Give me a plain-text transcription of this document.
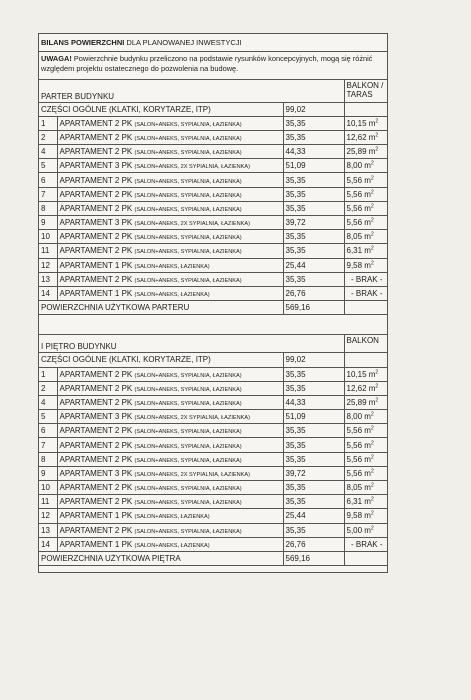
BILANS POWIERZCHNI DLA PLANOWANEJ INWESTYCJI
UWAGA! Powierzchnie budynku przeliczono na podstawie rysunków koncepcyjnych, mogą się różnić względem projektu ostatecznego do pozwolenia na budowę.
PARTER BUDYNKU			BALKON / TARAS
CZĘŚCI OGÓLNE (KLATKI, KORYTARZE, ITP)		99,02	
1	APARTAMENT 2 PK (SALON+ANEKS, SYPIALNIA, ŁAZIENKA)	35,35	10,15 $m^2$
2	APARTAMENT 2 PK (SALON+ANEKS, SYPIALNIA, ŁAZIENKA)	35,35	12,62 $m^2$
4	APARTAMENT 2 PK (SALON+ANEKS, SYPIALNIA, ŁAZIENKA)	44,33	25,89 $m^2$
5	APARTAMENT 3 PK (SALON+ANEKS, 2X SYPIALNIA, ŁAZIENKA)	51,09	8,00 $m^2$
6	APARTAMENT 2 PK (SALON+ANEKS, SYPIALNIA, ŁAZIENKA)	35,35	5,56 $m^2$
7	APARTAMENT 2 PK (SALON+ANEKS, SYPIALNIA, ŁAZIENKA)	35,35	5,56 $m^2$
8	APARTAMENT 2 PK (SALON+ANEKS, SYPIALNIA, ŁAZIENKA)	35,35	5,56 $m^2$
9	APARTAMENT 3 PK (SALON+ANEKS, 2X SYPIALNIA, ŁAZIENKA)	39,72	5,56 $m^2$
10	APARTAMENT 2 PK (SALON+ANEKS, SYPIALNIA, ŁAZIENKA)	35,35	8,05 $m^2$
11	APARTAMENT 2 PK (SALON+ANEKS, SYPIALNIA, ŁAZIENKA)	35,35	6,31 $m^2$
12	APARTAMENT 1 PK (SALON+ANEKS, ŁAZIENKA)	25,44	9,58 $m^2$
13	APARTAMENT 2 PK (SALON+ANEKS, SYPIALNIA, ŁAZIENKA)	35,35	- BRAK -
14	APARTAMENT 1 PK (SALON+ANEKS, ŁAZIENKA)	26,76	- BRAK -
POWIERZCHNIA UŻYTKOWA PARTERU		569,16	

I PIĘTRO BUDYNKU			BALKON
CZĘŚCI OGÓLNE (KLATKI, KORYTARZE, ITP)		99,02	
1	APARTAMENT 2 PK (SALON+ANEKS, SYPIALNIA, ŁAZIENKA)	35,35	10,15 $m^2$
2	APARTAMENT 2 PK (SALON+ANEKS, SYPIALNIA, ŁAZIENKA)	35,35	12,62 $m^2$
4	APARTAMENT 2 PK (SALON+ANEKS, SYPIALNIA, ŁAZIENKA)	44,33	25,89 $m^2$
5	APARTAMENT 3 PK (SALON+ANEKS, 2X SYPIALNIA, ŁAZIENKA)	51,09	8,00 $m^2$
6	APARTAMENT 2 PK (SALON+ANEKS, SYPIALNIA, ŁAZIENKA)	35,35	5,56 $m^2$
7	APARTAMENT 2 PK (SALON+ANEKS, SYPIALNIA, ŁAZIENKA)	35,35	5,56 $m^2$
8	APARTAMENT 2 PK (SALON+ANEKS, SYPIALNIA, ŁAZIENKA)	35,35	5,56 $m^2$
9	APARTAMENT 3 PK (SALON+ANEKS, 2X SYPIALNIA, ŁAZIENKA)	39,72	5,56 $m^2$
10	APARTAMENT 2 PK (SALON+ANEKS, SYPIALNIA, ŁAZIENKA)	35,35	8,05 $m^2$
11	APARTAMENT 2 PK (SALON+ANEKS, SYPIALNIA, ŁAZIENKA)	35,35	6,31 $m^2$
12	APARTAMENT 1 PK (SALON+ANEKS, ŁAZIENKA)	25,44	9,58 $m^2$
13	APARTAMENT 2 PK (SALON+ANEKS, SYPIALNIA, ŁAZIENKA)	35,35	5,00 $m^2$
14	APARTAMENT 1 PK (SALON+ANEKS, ŁAZIENKA)	26,76	- BRAK -
POWIERZCHNIA UŻYTKOWA PIĘTRA		569,16	
